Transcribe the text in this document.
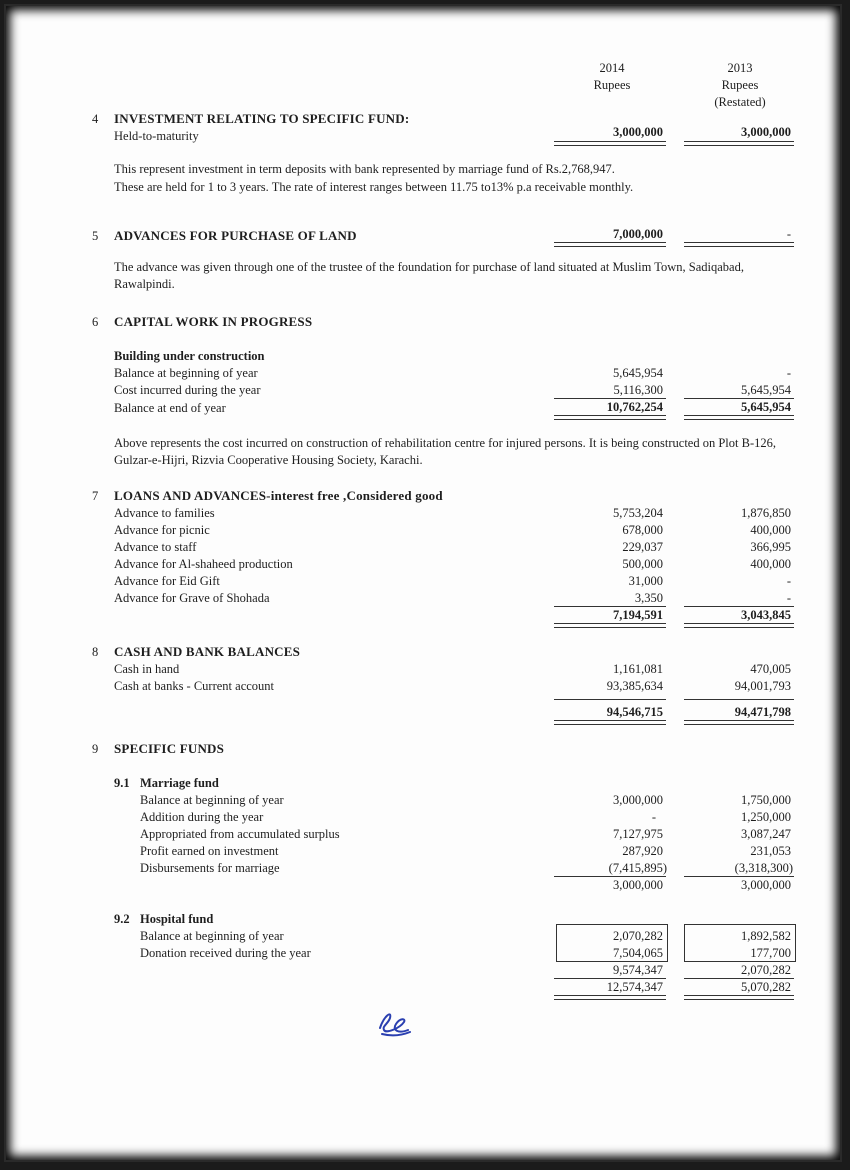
2014
Rupees
2013
Rupees
(Restated)
4 INVESTMENT RELATING TO SPECIFIC FUND:
Held-to-maturity	3,000,000	3,000,000
This represent investment in term deposits with bank represented by marriage fund of Rs.2,768,947.
These are held for 1 to 3 years. The rate of interest ranges between 11.75 to13% p.a receivable monthly.
5 ADVANCES FOR PURCHASE OF LAND	7,000,000	-
The advance was given through one of the trustee of the foundation for purchase of land situated at Muslim Town, Sadiqabad, Rawalpindi.
6 CAPITAL WORK IN PROGRESS
Building under construction
Balance at beginning of year	5,645,954	-
Cost incurred during the year	5,116,300	5,645,954
Balance at end of year	10,762,254	5,645,954
Above represents the cost incurred on construction of rehabilitation centre for injured persons. It is being constructed on Plot B-126, Gulzar-e-Hijri, Rizvia Cooperative Housing Society, Karachi.
7 LOANS AND ADVANCES-interest free ,Considered good
Advance to families	5,753,204	1,876,850
Advance for picnic	678,000	400,000
Advance to staff	229,037	366,995
Advance for Al-shaheed production	500,000	400,000
Advance for Eid Gift	31,000	-
Advance for Grave of Shohada	3,350	-
7,194,591	3,043,845
8 CASH AND BANK BALANCES
Cash in hand	1,161,081	470,005
Cash at banks - Current account	93,385,634	94,001,793
94,546,715	94,471,798
9 SPECIFIC FUNDS
9.1 Marriage fund
Balance at beginning of year	3,000,000	1,750,000
Addition during the year	-	1,250,000
Appropriated from accumulated surplus	7,127,975	3,087,247
Profit earned on investment	287,920	231,053
Disbursements for marriage	(7,415,895)	(3,318,300)
3,000,000	3,000,000
9.2 Hospital fund
Balance at beginning of year	2,070,282	1,892,582
Donation received during the year	7,504,065	177,700
9,574,347	2,070,282
12,574,347	5,070,282
